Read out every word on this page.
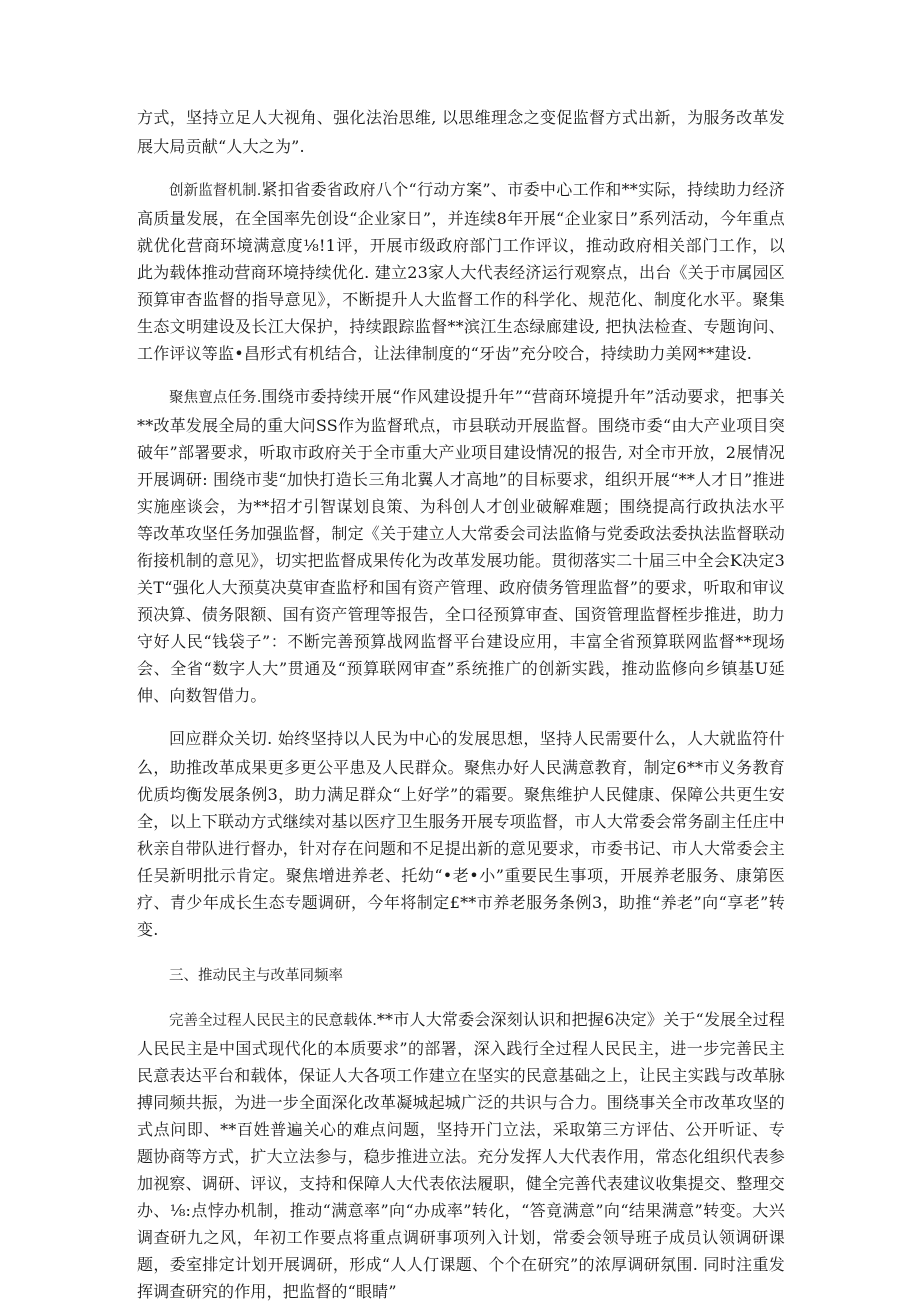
方式，坚持立足人大视角、强化法治思维, 以思维理念之变促监督方式出新，为服务改革发展大局贡献“人大之为”.

创新监督机制.紧扣省委省政府八个“行动方案”、市委中心工作和**实际，持续助力经济高质量发展，在全国率先创设“企业家日”，并连续8年开展“企业家日”系列活动，今年重点就优化营商环境满意度⅛!1评，开展市级政府部门工作评议，推动政府相关部门工作，以此为载体推动营商环境持续优化. 建立23家人大代表经济运行观察点，出台《关于市属园区预算审杳监督的指导意见》，不断提升人大监督工作的科学化、规范化、制度化水平。聚集生态文明建设及长江大保护，持续跟踪监督**滨江生态绿廊建设, 把执法检查、专题询问、工作评议等监•昌形式有机结合，让法律制度的“牙齿”充分咬合，持续助力美网**建设.

聚焦亶点任务.围绕市委持续开展“作风建设提升年”“营商环境提升年”活动要求，把事关**改革发展全局的重大问SS作为监督玳点，市县联动开展监督。围绕市委“由大产业项目突破年”部署要求，听取市政府关于全市重大产业项目建设情况的报告, 对全市开放，2展情况开展调研: 围绕市斐“加快打造长三角北翼人才高地”的目标要求，组织开展“**人才日”推进实施座谈会，为**招才引智谋划良策、为科创人才创业破解难题；围绕提高行政执法水平等改革攻坚任务加强监督，制定《关于建立人大常委会司法监脩与党委政法委执法监督联动衔接机制的意见》，切实把监督成果传化为改革发展功能。贯彻落实二十届三中全会K决定3关T“强化人大预莫决莫审查监杼和国有资产管理、政府债务管理监督”的要求，听取和审议预决算、债务限额、国有资产管理等报告，全口径预算审查、国资管理监督桎步推进，助力守好人民“钱袋子”：不断完善预算战网监督平台建设应用，丰富全省预算联网监督**现场会、全省“数字人大”贯通及“预算联网审查”系统推广的创新实践，推动监修向乡镇基U延伸、向数智借力。

回应群众关切. 始终坚持以人民为中心的发展思想，坚持人民需要什么，人大就监符什么，助推改革成果更多更公平患及人民群众。聚焦办好人民满意教育，制定6**市义务教育优质均衡发展条例3，助力满足群众“上好学”的霜要。聚焦维护人民健康、保障公共更生安全，以上下联动方式继续对基以医疗卫生服务开展专项监督，市人大常委会常务副主任庄中秋亲自带队进行督办，针对存在问题和不足提出新的意见要求，市委书记、市人大常委会主任吴新明批示肯定。聚焦增进养老、托幼“•老•小”重要民生事项，开展养老服务、康第医疗、青少年成长生态专题调研，今年将制定£**市养老服务条例3，助推“养老”向“享老”转变.

三、推动民主与改革同频率

完善全过程人民民主的民意载体.**市人大常委会深刻认识和把握6决定》关于“发展全过程人民民主是中国式现代化的本质要求”的部署，深入践行全过程人民民主，进一步完善民主民意表达平台和载体，保证人大各项工作建立在坚实的民意基础之上，让民主实践与改革脉搏同频共振，为进一步全面深化改革凝城起城广泛的共识与合力。围绕事关全市改革攻坚的式点问即、**百姓普遍关心的难点问题，坚持开门立法，采取第三方评估、公开听证、专题协商等方式，扩大立法参与，稳步推进立法。充分发挥人大代表作用，常态化组织代表参加视察、调研、评议，支持和保障人大代表依法履职，健全完善代表建议收集提交、整理交办、⅛:点悖办机制，推动“满意率”向“办成率”转化，“答竟满意”向“结果满意”转变。大兴调查研九之风，年初工作要点将重点调研事项列入计划，常委会领导班子成员认领调研课题，委室排定计划开展调研，形成“人人仃课题、个个在研究”的浓厚调研氛围. 同时注重发挥调查研究的作用，把监督的“眼睛”
